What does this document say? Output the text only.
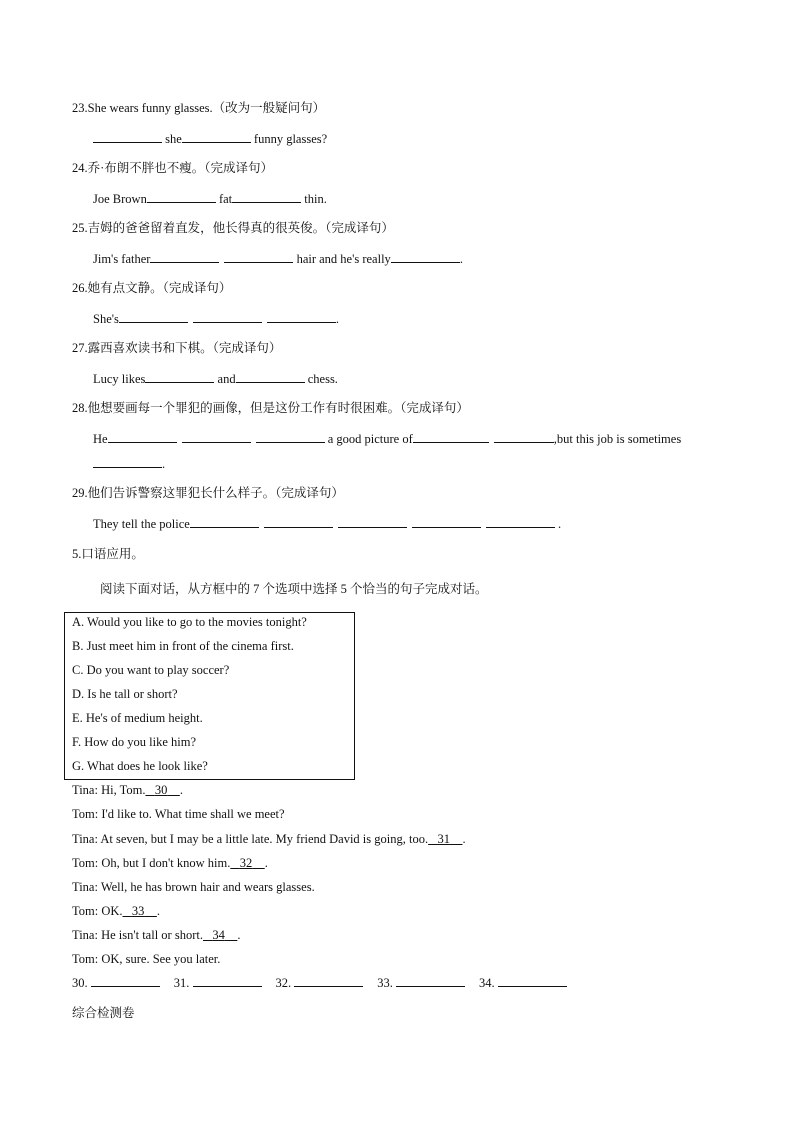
23.She wears funny glasses.（改为一般疑问句）
she	funny glasses?
24.乔·布朗不胖也不瘦。（完成译句）
Joe Brown	fat	thin.
25.吉姆的爸爸留着直发，他长得真的很英俊。（完成译句）
Jim's father	hair and he's really	.
26.她有点文静。（完成译句）
She's	.
27.露西喜欢读书和下棋。（完成译句）
Lucy likes	and	chess.
28.他想要画每一个罪犯的画像，但是这份工作有时很困难。（完成译句）
He	a good picture of	,but this job is sometimes
.
29.他们告诉警察这罪犯长什么样子。（完成译句）
They tell the police	.
5.口语应用。
阅读下面对话，从方框中的 7 个选项中选择 5 个恰当的句子完成对话。
A. Would you like to go to the movies tonight?
B. Just meet him in front of the cinema first.
C. Do you want to play soccer?
D. Is he tall or short?
E. He's of medium height.
F. How do you like him?
G. What does he look like?
Tina: Hi, Tom. 30 .
Tom: I'd like to. What time shall we meet?
Tina: At seven, but I may be a little late. My friend David is going, too. 31 .
Tom: Oh, but I don't know him. 32 .
Tina: Well, he has brown hair and wears glasses.
Tom: OK. 33 .
Tina: He isn't tall or short. 34 .
Tom: OK, sure. See you later.
30.	31.	32.	33.	34.
综合检测卷
